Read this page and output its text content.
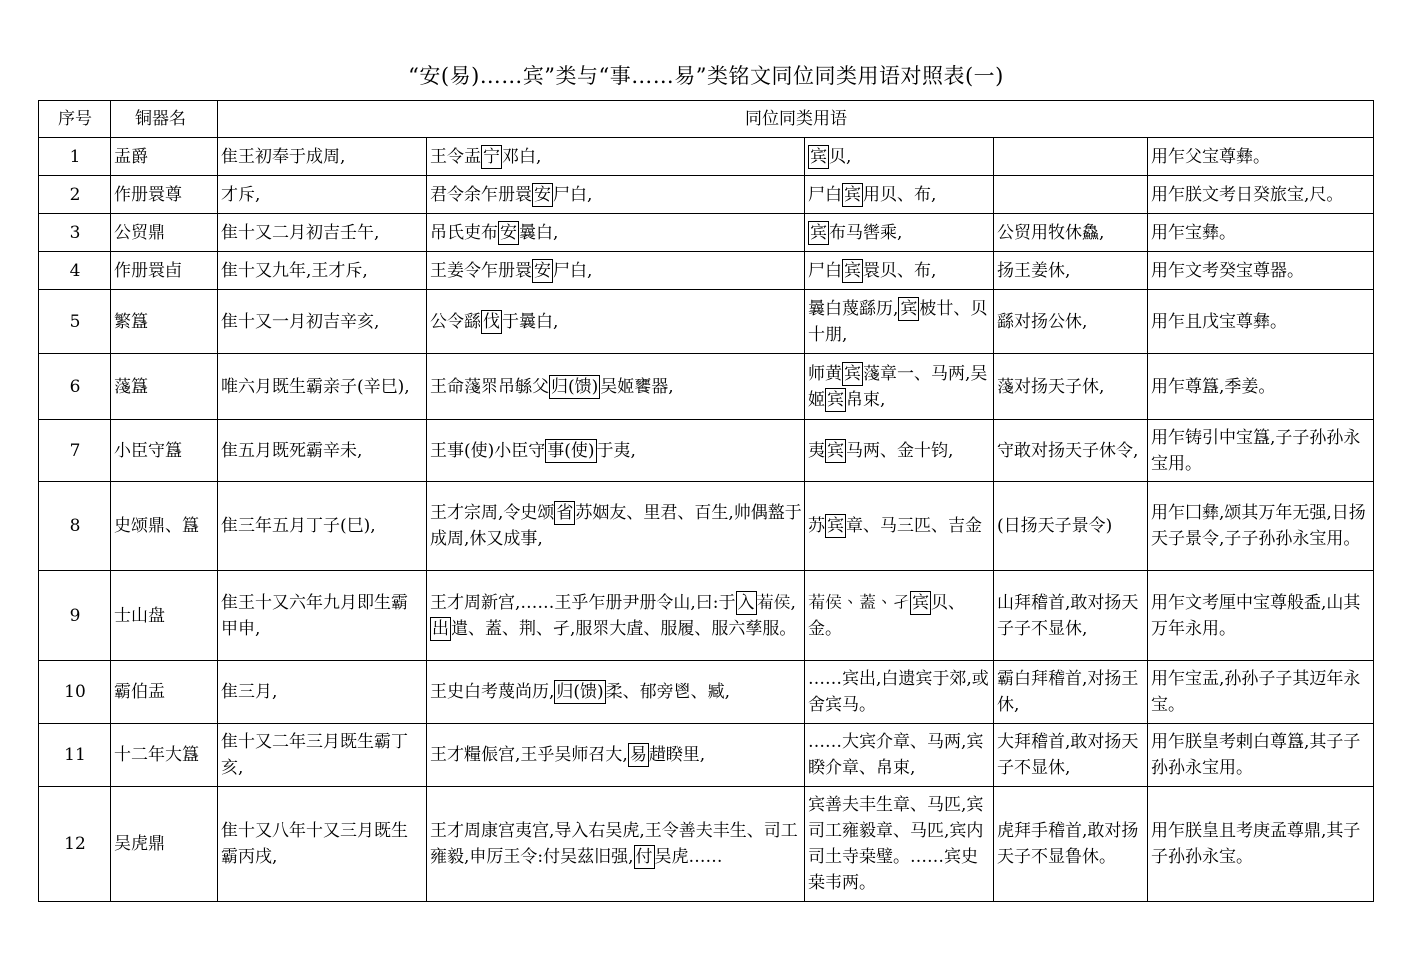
“安(易)……宾”类与“事……易”类铭文同位同类用语对照表(一)
序号	铜器名	同位同类用语				
1	盂爵	隹王初奉于成周,	王令盂 宁 邓白,	宾 贝,		用乍父宝尊彝。
2	作册睘尊	才斥,	君令余乍册睘 安 尸白,	尸白 宾 用贝、布,		用乍朕文考日癸旅宝,尺。
3	公贸鼎	隹十又二月初吉壬午,	吊氏吏布 安 曩白,	宾 布马辔乘,	公贸用牧休鱻,	用乍宝彝。
4	作册睘卣	隹十又九年,王才斥,	王姜令乍册睘 安 尸白,	尸白 宾 睘贝、布,	扬王姜休,	用乍文考癸宝尊器。
5	繁簋	隹十又一月初吉辛亥,	公令繇 伐 于曩白,	曩白蔑繇历, 宾 柀廿、贝十朋,	繇对扬公休,	用乍且戊宝尊彝。
6	䔐簋	唯六月既生霸亲子(辛巳),	王命䔐眔吊緐父 归(馈) 吴姬饔器,	师黄 宾 䔐章一、马两,吴姬 宾 帛束,	䔐对扬天子休,	用乍尊簋,季姜。
7	小臣守簋	隹五月既死霸辛未,	王事(使)小臣守 事(使) 于夷,	夷 宾 马两、金十钧,	守敢对扬天子休令,	用乍铸引中宝簋,子子孙孙永宝用。
8	史颂鼎、簋	隹三年五月丁子(巳),	王才宗周,令史颂 省 苏姻友、里君、百生,帅偶盩于成周,休又成事,	苏 宾 章、马三匹、吉金	(日扬天子景令)	用乍囗彝,颂其万年无强,日扬天子景令,子子孙孙永宝用。
9	士山盘	隹王十又六年九月即生霸甲申,	王才周新宫,……王乎乍册尹册令山,曰:于 入 𦯞侯,出 遣、蓋、荆、孑,服眔大虘、服履、服六孳服。	𦯞侯、蓋、孑 宾 贝、金。	山拜稽首,敢对扬天子子不显休,	用乍文考厘中宝尊般盉,山其万年永用。
10	霸伯盂	隹三月,	王史白考蔑尚历, 归(馈) 柔、郁旁鬯、臧,	……宾出,白遗宾于郊,或舍宾马。	霸白拜稽首,对扬王休,	用乍宝盂,孙孙子子其迈年永宝。
11	十二年大簋	隹十又二年三月既生霸丁亥,	王才糧侲宫,王乎吴师召大, 易 趞睽里,	……大宾介章、马两,宾睽介章、帛束,	大拜稽首,敢对扬天子不显休,	用乍朕皇考剌白尊簋,其子子孙孙永宝用。
12	吴虎鼎	隹十又八年十又三月既生霸丙戌,	王才周康宫夷宫,导入右吴虎,王令善夫丰生、司工雍毅,申厉王令:付吴茲旧强, 付 吴虎……	宾善夫丰生章、马匹,宾司工雍毅章、马匹,宾内司土寺桒璧。……宾史桒韦两。	虎拜手稽首,敢对扬天子不显鲁休。	用乍朕皇且考庚孟尊鼎,其子子孙孙永宝。
